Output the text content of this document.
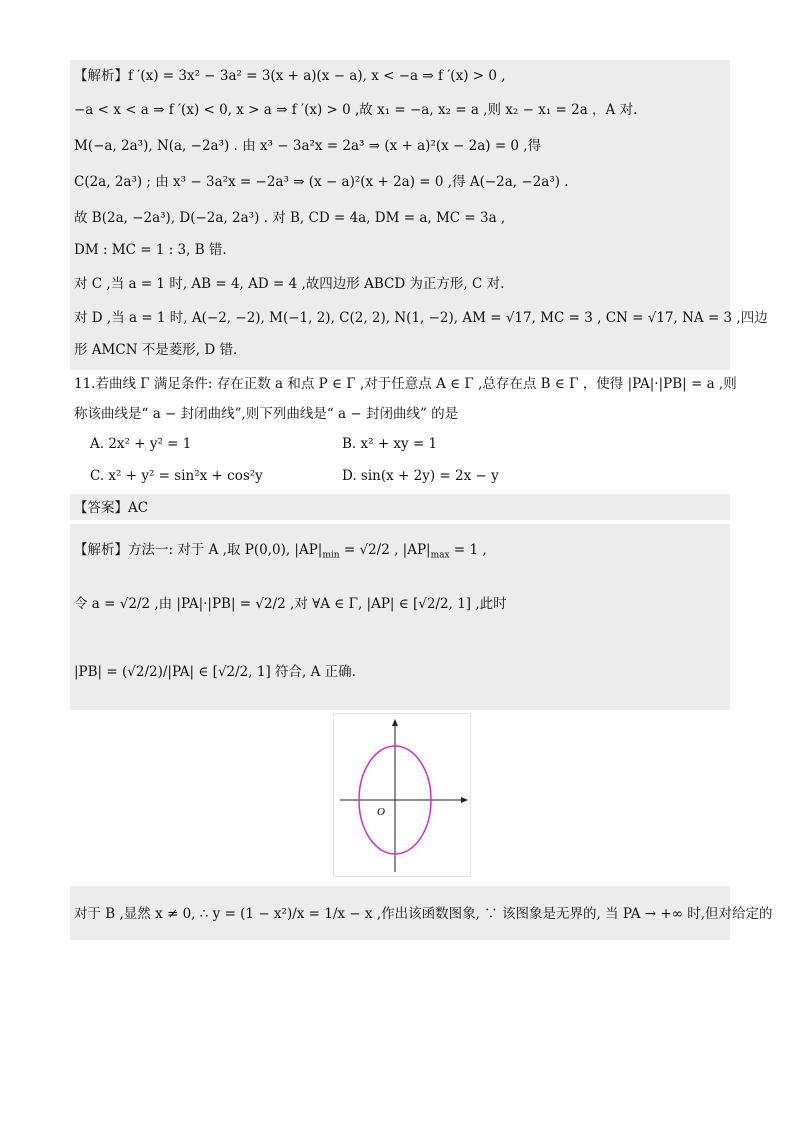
【解析】f ′(x) = 3x² − 3a² = 3(x + a)(x − a), x < −a ⇒ f ′(x) > 0 ,
−a < x < a ⇒ f ′(x) < 0, x > a ⇒ f ′(x) > 0 ,故 x₁ = −a, x₂ = a ,则 x₂ − x₁ = 2a ，A 对.
M(−a, 2a³), N(a, −2a³) . 由 x³ − 3a²x = 2a³ ⇒ (x + a)²(x − 2a) = 0 ,得
C(2a, 2a³) ; 由 x³ − 3a²x = −2a³ ⇒ (x − a)²(x + 2a) = 0 ,得 A(−2a, −2a³) .
故 B(2a, −2a³), D(−2a, 2a³) . 对 B, CD = 4a, DM = a, MC = 3a ,
DM : MC = 1 : 3, B 错.
对 C ,当 a = 1 时, AB = 4, AD = 4 ,故四边形 ABCD 为正方形, C 对.
对 D ,当 a = 1 时, A(−2, −2), M(−1, 2), C(2, 2), N(1, −2), AM = √17, MC = 3 , CN = √17, NA = 3 ,四边
形 AMCN 不是菱形, D 错.
11.若曲线 Γ 满足条件: 存在正数 a 和点 P ∈ Γ ,对于任意点 A ∈ Γ ,总存在点 B ∈ Γ ，使得 |PA|·|PB| = a ,则
称该曲线是“ a − 封闭曲线”,则下列曲线是“ a − 封闭曲线” 的是
A. 2x² + y² = 1	B. x² + xy = 1
C. x² + y² = sin²x + cos²y	D. sin(x + 2y) = 2x − y
【答案】AC
【解析】方法一: 对于 A ,取 P(0,0), $|AP|_{min} = √2/2$ , $|AP|_{max} = 1$ ,
令 a = √2/2 ,由 |PA|·|PB| = √2/2 ,对 ∀A ∈ Γ, |AP| ∈ [√2/2, 1] ,此时
|PB| = (√2/2)/|PA| ∈ [√2/2, 1] 符合, A 正确.
O
对于 B ,显然 x ≠ 0, ∴ y = (1 − x²)/x = 1/x − x ,作出该函数图象, ∵ 该图象是无界的, 当 PA → +∞ 时,但对给定的
